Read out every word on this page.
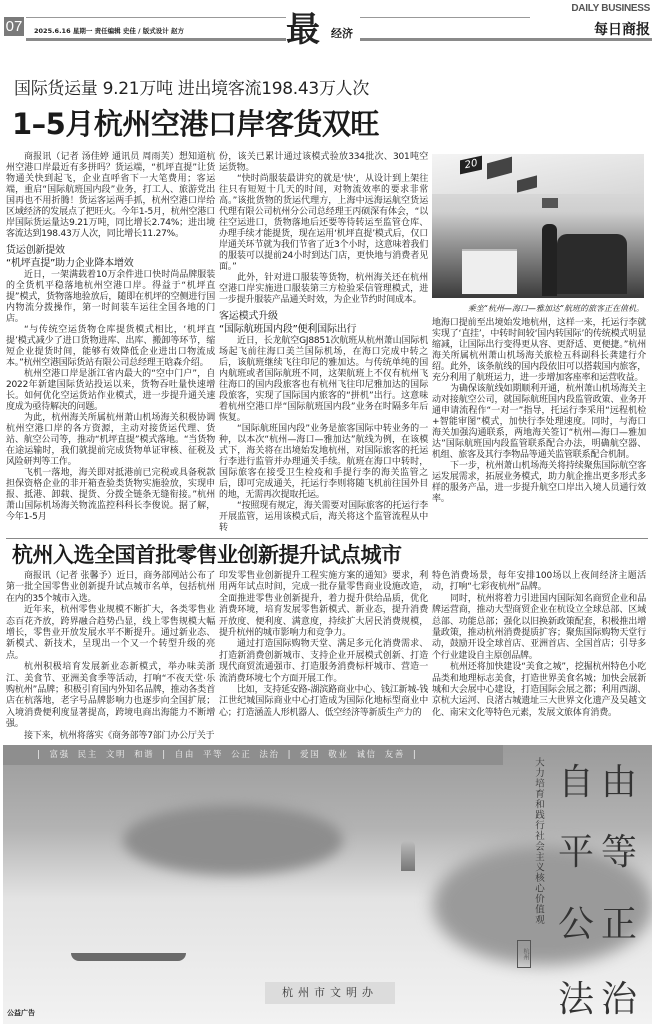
07 2025.6.16 星期一 责任编辑 史佳 / 版式设计 赵方	最 经济
DAILY BUSINESS
每日商报
国际货运量 9.21万吨 进出境客流198.43万人次
1–5月杭州空港口岸客货双旺

商报讯（记者 汤佳婷 通讯员 周雨芙）想知道杭州空港口岸最近有多拼吗？货运端，“机坪直提”让货物通关快到起飞，企业直呼省下一大笔费用；客运端，重启“国际航班国内段”业务，打工人、旅游党出国再也不用折腾！货运客运两手抓，杭州空港口岸给区域经济的发展点了把旺火。今年1-5月，杭州空港口岸国际货运量达9.21万吨，同比增长2.74%；进出境客流达到198.43万人次，同比增长11.27%。

货运创新提效
“机坪直提”助力企业降本增效

近日，一架满载着10万余件进口快时尚品牌服装的全货机平稳落地杭州空港口岸。得益于“机坪直提”模式，货物落地验放后，随即在机坪的空侧进行国内物流分拨操作，第一时间装车运往全国各地的门店。

“与传统空运货物仓库提货模式相比，‘机坪直提’模式减少了进口货物进库、出库、搬卸等环节，缩短企业提货时间，能够有效降低企业进出口物流成本。”杭州空港国际货站有限公司总经理王晗森介绍。

杭州空港口岸是浙江省内最大的“空中门户”，自2022年新建国际货站投运以来，货物吞吐量快速增长。如何优化空运货站作业模式，进一步提升通关速度成为亟待解决的问题。

为此，杭州海关所属杭州萧山机场海关积极协调杭州空港口岸的各方资源，主动对接货运代理、货站、航空公司等，推动“机坪直提”模式落地。“当货物在途运输时，我们就提前完成货物单证审核、征税及风险研判等工作。

飞机一落地，海关即对抵港前已完税或具备税款担保资格企业的非开箱查验类货物实施验放，实现申报、抵港、卸载、提货、分拨全链条无缝衔接。”杭州萧山国际机场海关物流监控科科长李俊说。据了解，今年1-5月

份，该关已累计通过该模式验放334批次、301吨空运货物。

“快时尚服装最讲究的就是‘快’，从设计到上架往往只有短短十几天的时间，对物流效率的要求非常高。”该批货物的货运代理方，上海中远海运航空货运代理有限公司杭州分公司总经理王丙硕深有体会，“以往空运进口，货物落地后还要等待转运至监管仓库、办理手续才能提货，现在运用‘机坪直提’模式后，仅口岸通关环节就为我们节省了近3个小时，这意味着我们的服装可以提前24小时到达门店，更快地与消费者见面。”

此外，针对进口服装等货物，杭州海关还在杭州空港口岸实施进口服装第三方检验采信管理模式，进一步提升服装产品通关时效，为企业节约时间成本。

客运模式升级
“国际航班国内段”便利国际出行

近日，长龙航空GJ8851次航班从杭州萧山国际机场起飞前往海口美兰国际机场，在海口完成中转之后，该航班继续飞往印尼的雅加达。与传统单纯的国内航班或者国际航班不同，这架航班上不仅有杭州飞往海口的国内段旅客也有杭州飞往印尼雅加达的国际段旅客，实现了国际国内旅客的“拼机”出行。这意味着杭州空港口岸“国际航班国内段”业务在时隔多年后恢复。

“国际航班国内段”业务是旅客国际中转业务的一种，以本次“杭州—海口—雅加达”航线为例，在该模式下，海关将在出境始发地杭州，对国际旅客的托运行李进行监管并办理通关手续。航班在海口中转时，国际旅客在接受卫生检疫和手提行李的海关监管之后，即可完成通关，托运行李则将随飞机前往国外目的地，无需再次提取托运。

“按照现有规定，海关需要对国际旅客的托运行李开展监管，运用该模式后，海关将这个监管流程从中转

地海口提前至出境始发地杭州，这样一来，托运行李就实现了‘直挂’，中转时间较‘国内转国际’的传统模式明显缩减，让国际出行变得更从容、更舒适、更便捷。”杭州海关所属杭州萧山机场海关旅检五科副科长龚建行介绍。此外，该条航线的国内段依旧可以搭载国内旅客，充分利用了航班运力，进一步增加客座率和运营收益。

为确保该航线如期顺利开通，杭州萧山机场海关主动对接航空公司，就国际航班国内段监管政策、业务开通申请流程作“一对一”指导，托运行李采用“远程机检+智能审图”模式，加快行李处理速度。同时，与海口海关加强沟通联系，两地海关签订“杭州—海口—雅加达”国际航班国内段监管联系配合办法，明确航空器、机组、旅客及其行李物品等通关监管联系配合机制。

下一步，杭州萧山机场海关将持续聚焦国际航空客运发展需求，拓展业务模式，助力航企推出更多形式多样的服务产品，进一步提升航空口岸出入境人员通行效率。

20
乘坐“杭州—海口—雅加达”航班的旅客正在值机。
杭州入选全国首批零售业创新提升试点城市

商报讯（记者 张馨予）近日，商务部网站公布了第一批全国零售业创新提升试点城市名单，包括杭州在内的35个城市入选。

近年来，杭州零售业规模不断扩大，各类零售业态百花齐放，跨界融合趋势凸显，线上零售规模大幅增长，零售业开放发展水平不断提升。通过新业态、新模式、新技术，呈现出一个又一个转型升级的亮点。

杭州积极培育发展新业态新模式，举办味美浙江、美食节、亚洲美食季等活动，打响“不夜天堂·乐购杭州”品牌；积极引育国内外知名品牌，推动各类首店在杭落地，老字号品牌影响力也逐步向全国扩展；入境消费便利度显著提高，跨境电商出海能力不断增强。

接下来，杭州将落实《商务部等7部门办公厅关于

印发零售业创新提升工程实施方案的通知》要求，利用两年试点时间，完成一批存量零售商业设施改造，全面推进零售业创新提升，着力提升供给品质，优化消费环境，培育发展零售新模式、新业态，提升消费开放度、便利度、满意度，持续扩大居民消费规模，提升杭州的城市影响力和竞争力。

通过打造国际购物天堂、满足多元化消费需求、打造新消费创新城市、支持企业开展模式创新、打造现代商贸流通强市、打造服务消费标杆城市、营造一流消费环境七个方面开展工作。

比如，支持延安路-湖滨路商业中心、钱江新城-钱江世纪城国际商业中心打造成为国际化地标型商业中心；打造涵盖人形机器人、低空经济等新质生产力的

特色消费场景，每年安排100场以上夜间经济主题活动，打响“七彩夜杭州”品牌。

同时，杭州将着力引进国内国际知名商贸企业和品牌运营商，推动大型商贸企业在杭设立全球总部、区域总部、功能总部；强化以旧换新政策配套，积极推出增量政策，推动杭州消费提质扩容；聚焦国际购物天堂行动，鼓励开设全球首店、亚洲首店、全国首店；引导多个行业建设自主原创品牌。

杭州还将加快建设“美食之城”，挖掘杭州特色小吃品类和地理标志美食，打造世界美食名城；加快会展新城和大会展中心建设，打造国际会展之都；利用西湖、京杭大运河、良渚古城遗址三大世界文化遗产及吴越文化、南宋文化等特色元素，发展文旅体育消费。

| 富强 民主 文明 和谐 | 自由 平等 公正 法治 | 爱国 敬业 诚信 友善 |
大力培育和践行社会主义核心价值观
杭州
杭州市文明办
公益广告
自
平
公
法
由
等
正
治
